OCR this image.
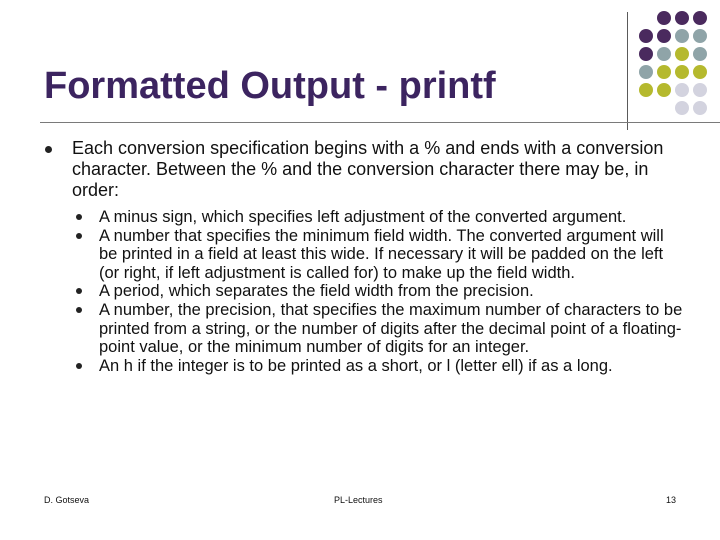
Formatted Output - printf

Each conversion specification begins with a % and ends with a conversion character. Between the % and the conversion character there may be, in order:

A minus sign, which specifies left adjustment of the converted argument.

A number that specifies the minimum field width. The converted argument will be printed in a field at least this wide. If necessary it will be padded on the left (or right, if left adjustment is called for) to make up the field width.

A period, which separates the field width from the precision.

A number, the precision, that specifies the maximum number of characters to be printed from a string, or the number of digits after the decimal point of a floating-point value, or the minimum number of digits for an integer.

An h if the integer is to be printed as a short, or l (letter ell) if as a long.

D. Gotseva	PL-Lectures	13
